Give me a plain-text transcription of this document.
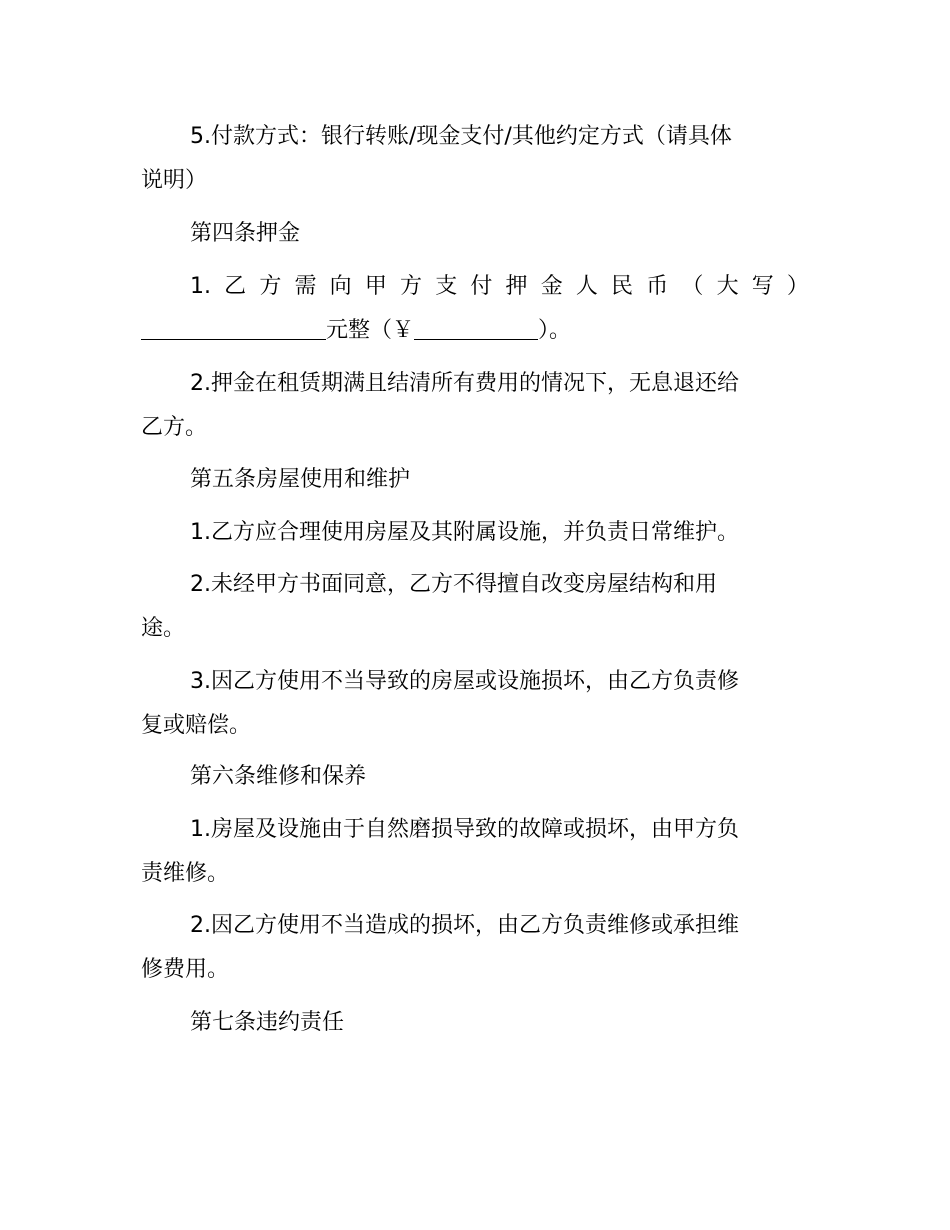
5.付款方式：银行转账/现金支付/其他约定方式（请具体
说明）
第四条押金
1. 乙 方 需 向 甲 方 支 付 押 金 人 民 币 （ 大 写 ）
元整（￥	）。
2.押金在租赁期满且结清所有费用的情况下，无息退还给
乙方。
第五条房屋使用和维护
1.乙方应合理使用房屋及其附属设施，并负责日常维护。
2.未经甲方书面同意，乙方不得擅自改变房屋结构和用
途。
3.因乙方使用不当导致的房屋或设施损坏，由乙方负责修
复或赔偿。
第六条维修和保养
1.房屋及设施由于自然磨损导致的故障或损坏，由甲方负
责维修。
2.因乙方使用不当造成的损坏，由乙方负责维修或承担维
修费用。
第七条违约责任
